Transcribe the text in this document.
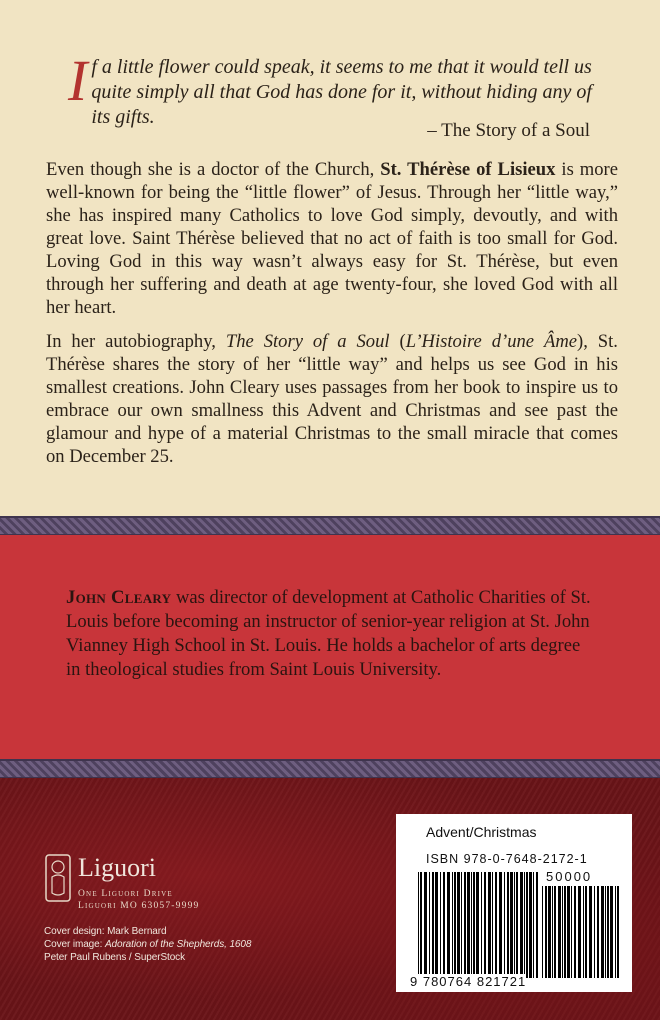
If a little flower could speak, it seems to me that it would tell us quite simply all that God has done for it, without hiding any of its gifts.
– The Story of a Soul

Even though she is a doctor of the Church, St. Thérèse of Lisieux is more well-known for being the “little flower” of Jesus. Through her “little way,” she has inspired many Catholics to love God simply, devoutly, and with great love. Saint Thérèse believed that no act of faith is too small for God. Loving God in this way wasn’t always easy for St. Thérèse, but even through her suffering and death at age twenty-four, she loved God with all her heart.

In her autobiography, The Story of a Soul (L’Histoire d’une Âme), St. Thérèse shares the story of her “little way” and helps us see God in his smallest creations. John Cleary uses passages from her book to inspire us to embrace our own smallness this Advent and Christmas and see past the glamour and hype of a material Christmas to the small miracle that comes on December 25.

John Cleary was director of development at Catholic Charities of St. Louis before becoming an instructor of senior-year religion at St. John Vianney High School in St. Louis. He holds a bachelor of arts degree in theological studies from Saint Louis University.
Liguori
One Liguori Drive
Liguori MO 63057-9999
Cover design: Mark Bernard
Cover image: Adoration of the Shepherds, 1608
Peter Paul Rubens / SuperStock
Advent/Christmas
ISBN 978-0-7648-2172-1
50000
9 780764 821721
